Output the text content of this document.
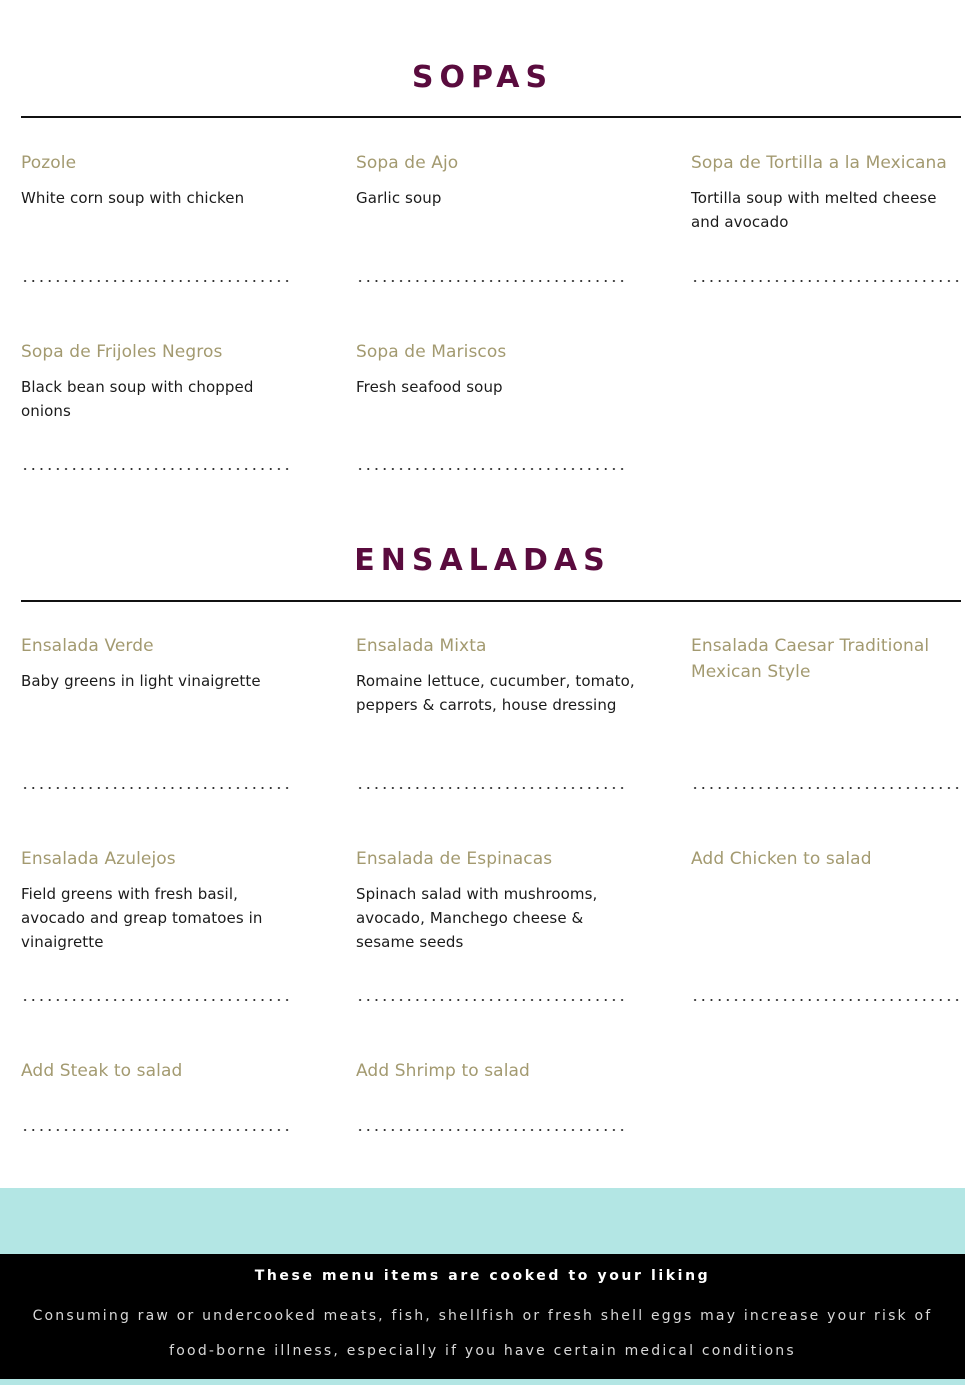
SOPAS
Pozole
White corn soup with chicken
Sopa de Ajo
Garlic soup
Sopa de Tortilla a la Mexicana
Tortilla soup with melted cheese and avocado
Sopa de Frijoles Negros
Black bean soup with chopped onions
Sopa de Mariscos
Fresh seafood soup
ENSALADAS
Ensalada Verde
Baby greens in light vinaigrette
Ensalada Mixta
Romaine lettuce, cucumber, tomato, peppers & carrots, house dressing
Ensalada Caesar Traditional Mexican Style
Ensalada Azulejos
Field greens with fresh basil, avocado and greap tomatoes in vinaigrette
Ensalada de Espinacas
Spinach salad with mushrooms, avocado, Manchego cheese & sesame seeds
Add Chicken to salad
Add Steak to salad	Add Shrimp to salad
These menu items are cooked to your liking
Consuming raw or undercooked meats, fish, shellfish or fresh shell eggs may increase your risk of food-borne illness, especially if you have certain medical conditions
